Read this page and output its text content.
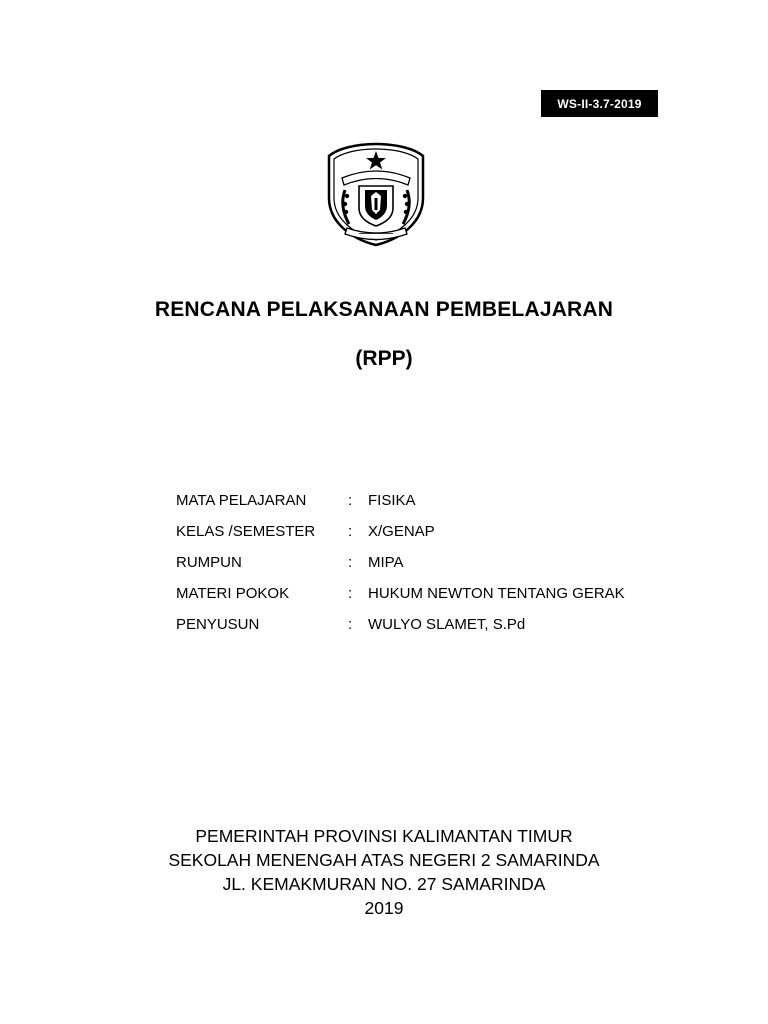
WS-II-3.7-2019
RENCANA PELAKSANAAN PEMBELAJARAN
(RPP)
MATA PELAJARAN	:	FISIKA
KELAS /SEMESTER	:	X/GENAP
RUMPUN	:	MIPA
MATERI POKOK	:	HUKUM NEWTON TENTANG GERAK
PENYUSUN	:	WULYO SLAMET, S.Pd
PEMERINTAH PROVINSI KALIMANTAN TIMUR
SEKOLAH MENENGAH ATAS NEGERI 2 SAMARINDA
JL. KEMAKMURAN NO. 27 SAMARINDA
2019
